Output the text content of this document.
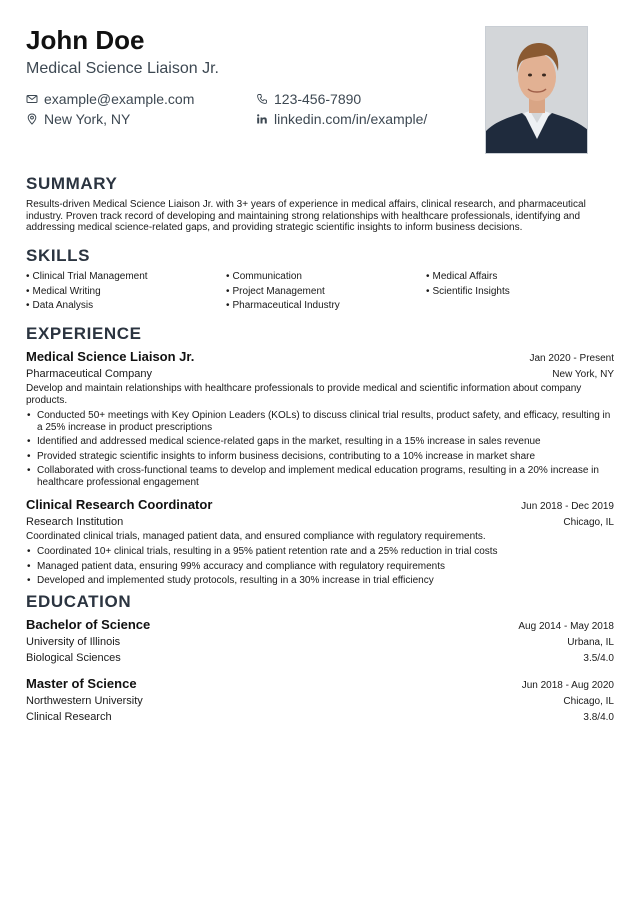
John Doe
Medical Science Liaison Jr.
example@example.com	123-456-7890
New York, NY	linkedin.com/in/example/
SUMMARY
Results-driven Medical Science Liaison Jr. with 3+ years of experience in medical affairs, clinical research, and pharmaceutical industry. Proven track record of developing and maintaining strong relationships with healthcare professionals, identifying and addressing medical science-related gaps, and providing strategic scientific insights to inform business decisions.
SKILLS
• Clinical Trial Management	• Communication	• Medical Affairs
• Medical Writing	• Project Management	• Scientific Insights
• Data Analysis	• Pharmaceutical Industry
EXPERIENCE
Medical Science Liaison Jr.	Jan 2020 - Present
Pharmaceutical Company	New York, NY
Develop and maintain relationships with healthcare professionals to provide medical and scientific information about company products.
• Conducted 50+ meetings with Key Opinion Leaders (KOLs) to discuss clinical trial results, product safety, and efficacy, resulting in a 25% increase in product prescriptions
• Identified and addressed medical science-related gaps in the market, resulting in a 15% increase in sales revenue
• Provided strategic scientific insights to inform business decisions, contributing to a 10% increase in market share
• Collaborated with cross-functional teams to develop and implement medical education programs, resulting in a 20% increase in healthcare professional engagement
Clinical Research Coordinator	Jun 2018 - Dec 2019
Research Institution	Chicago, IL
Coordinated clinical trials, managed patient data, and ensured compliance with regulatory requirements.
• Coordinated 10+ clinical trials, resulting in a 95% patient retention rate and a 25% reduction in trial costs
• Managed patient data, ensuring 99% accuracy and compliance with regulatory requirements
• Developed and implemented study protocols, resulting in a 30% increase in trial efficiency
EDUCATION
Bachelor of Science	Aug 2014 - May 2018
University of Illinois	Urbana, IL
Biological Sciences	3.5/4.0
Master of Science	Jun 2018 - Aug 2020
Northwestern University	Chicago, IL
Clinical Research	3.8/4.0
